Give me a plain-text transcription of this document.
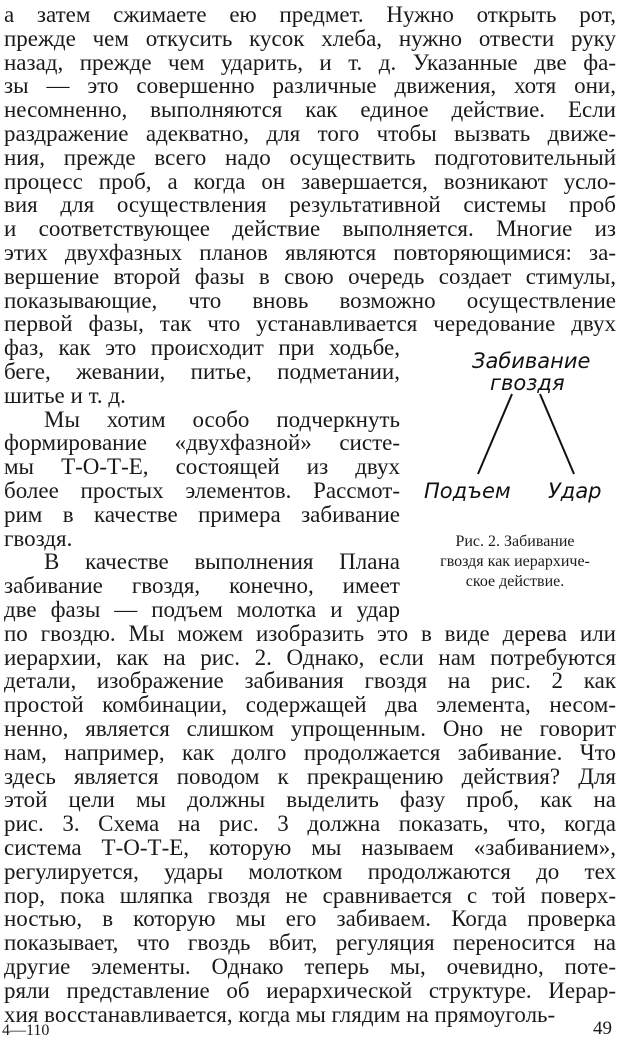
а затем сжимаете ею предмет. Нужно открыть рот,
прежде чем откусить кусок хлеба, нужно отвести руку
назад, прежде чем ударить, и т. д. Указанные две фа-
зы — это совершенно различные движения, хотя они,
несомненно, выполняются как единое действие. Если
раздражение адекватно, для того чтобы вызвать движе-
ния, прежде всего надо осуществить подготовительный
процесс проб, а когда он завершается, возникают усло-
вия для осуществления результативной системы проб
и соответствующее действие выполняется. Многие из
этих двухфазных планов являются повторяющимися: за-
вершение второй фазы в свою очередь создает стимулы,
показывающие, что вновь возможно осуществление
первой фазы, так что устанавливается чередование двух
фаз, как это происходит при ходьбе,
беге, жевании, питье, подметании,
шитье и т. д.
Мы хотим особо подчеркнуть
формирование «двухфазной» систе-
мы Т-О-Т-Е, состоящей из двух
более простых элементов. Рассмот-
рим в качестве примера забивание
гвоздя.
В качестве выполнения Плана
забивание гвоздя, конечно, имеет
две фазы — подъем молотка и удар
по гвоздю. Мы можем изобразить это в виде дерева или
иерархии, как на рис. 2. Однако, если нам потребуются
детали, изображение забивания гвоздя на рис. 2 как
простой комбинации, содержащей два элемента, несом-
ненно, является слишком упрощенным. Оно не говорит
нам, например, как долго продолжается забивание. Что
здесь является поводом к прекращению действия? Для
этой цели мы должны выделить фазу проб, как на
рис. 3. Схема на рис. 3 должна показать, что, когда
система Т-О-Т-Е, которую мы называем «забиванием»,
регулируется, удары молотком продолжаются до тех
пор, пока шляпка гвоздя не сравнивается с той поверх-
ностью, в которую мы его забиваем. Когда проверка
показывает, что гвоздь вбит, регуляция переносится на
другие элементы. Однако теперь мы, очевидно, поте-
ряли представление об иерархической структуре. Иерар-
хия восстанавливается, когда мы глядим на прямоуголь-
Забивание
гвоздя
Подъем Удар
Рис. 2. Забивание
гвоздя как иерархиче-
ское действие.
4—110	49
